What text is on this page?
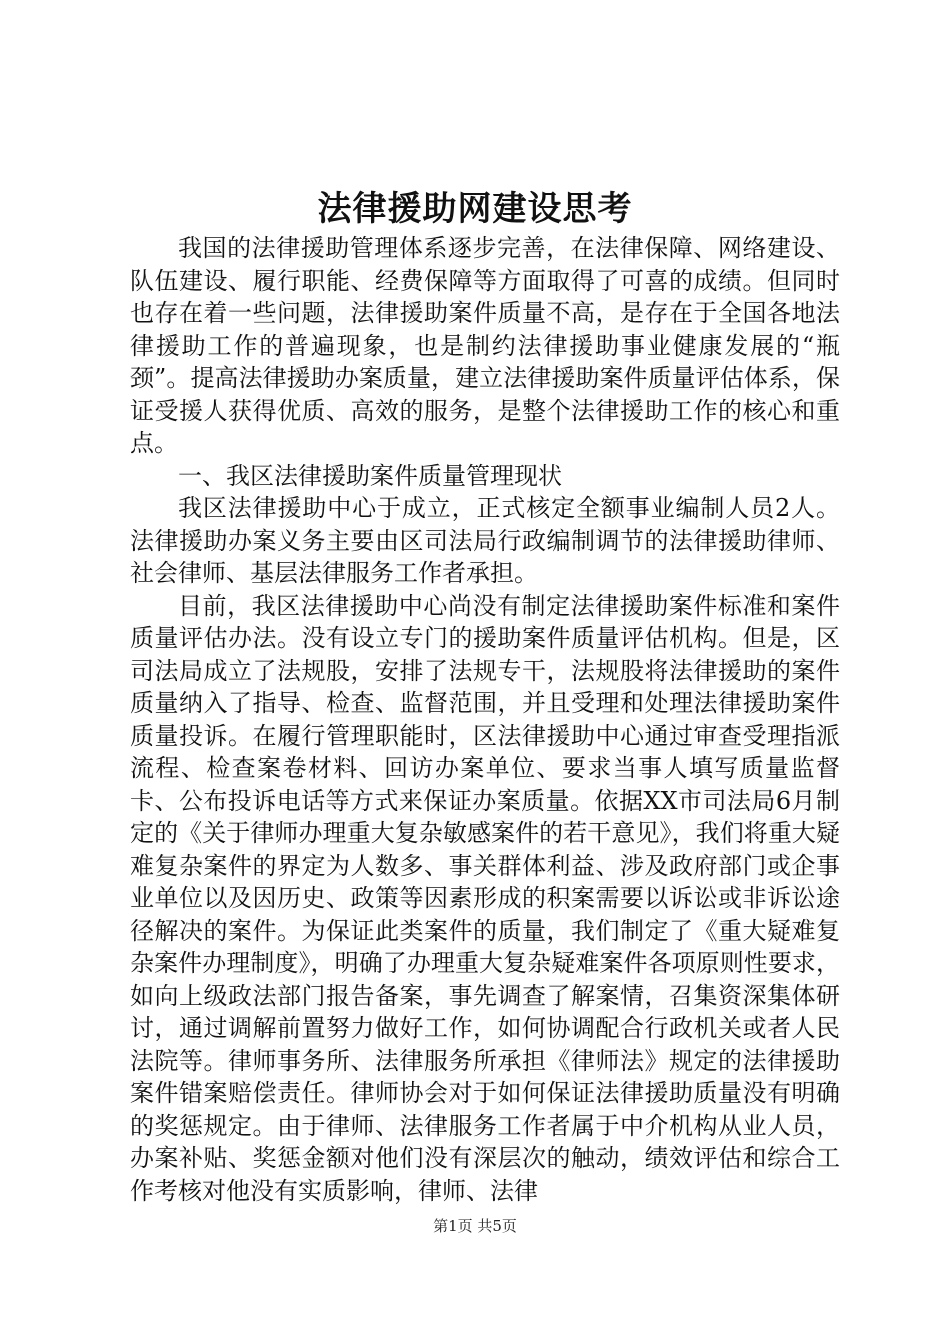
法律援助网建设思考

我国的法律援助管理体系逐步完善，在法律保障、网络建设、队伍建设、履行职能、经费保障等方面取得了可喜的成绩。但同时也存在着一些问题，法律援助案件质量不高，是存在于全国各地法律援助工作的普遍现象，也是制约法律援助事业健康发展的“瓶颈”。提高法律援助办案质量，建立法律援助案件质量评估体系，保证受援人获得优质、高效的服务，是整个法律援助工作的核心和重点。

一、我区法律援助案件质量管理现状

我区法律援助中心于成立，正式核定全额事业编制人员2人。法律援助办案义务主要由区司法局行政编制调节的法律援助律师、社会律师、基层法律服务工作者承担。

目前，我区法律援助中心尚没有制定法律援助案件标准和案件质量评估办法。没有设立专门的援助案件质量评估机构。但是，区司法局成立了法规股，安排了法规专干，法规股将法律援助的案件质量纳入了指导、检查、监督范围，并且受理和处理法律援助案件质量投诉。在履行管理职能时，区法律援助中心通过审查受理指派流程、检查案卷材料、回访办案单位、要求当事人填写质量监督卡、公布投诉电话等方式来保证办案质量。依据XX市司法局6月制定的《关于律师办理重大复杂敏感案件的若干意见》，我们将重大疑难复杂案件的界定为人数多、事关群体利益、涉及政府部门或企事业单位以及因历史、政策等因素形成的积案需要以诉讼或非诉讼途径解决的案件。为保证此类案件的质量，我们制定了《重大疑难复杂案件办理制度》，明确了办理重大复杂疑难案件各项原则性要求，如向上级政法部门报告备案，事先调查了解案情，召集资深集体研讨，通过调解前置努力做好工作，如何协调配合行政机关或者人民法院等。律师事务所、法律服务所承担《律师法》规定的法律援助案件错案赔偿责任。律师协会对于如何保证法律援助质量没有明确的奖惩规定。由于律师、法律服务工作者属于中介机构从业人员，办案补贴、奖惩金额对他们没有深层次的触动，绩效评估和综合工作考核对他没有实质影响，律师、法律

第1页 共5页
